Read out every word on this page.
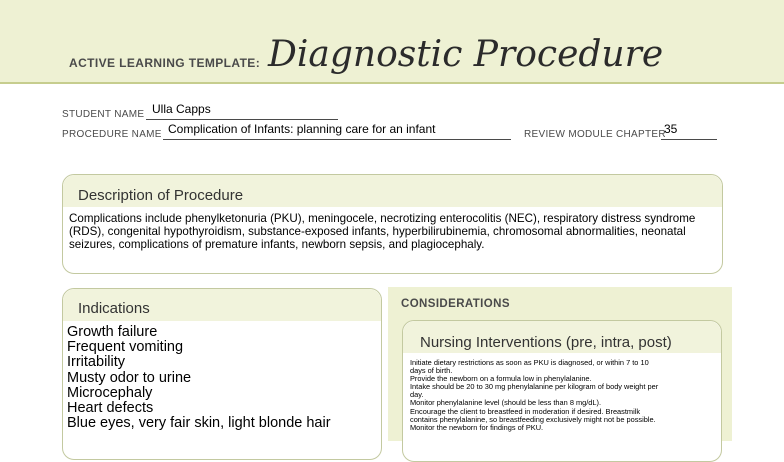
ACTIVE LEARNING TEMPLATE: Diagnostic Procedure
STUDENT NAME Ulla Capps
PROCEDURE NAME Complication of Infants: planning care for an infant	REVIEW MODULE CHAPTER
35
Description of Procedure
Complications include phenylketonuria (PKU), meningocele, necrotizing enterocolitis (NEC), respiratory distress syndrome (RDS), congenital hypothyroidism, substance-exposed infants, hyperbilirubinemia, chromosomal abnormalities, neonatal seizures, complications of premature infants, newborn sepsis, and plagiocephaly.
Indications
Growth failure
Frequent vomiting
Irritability
Musty odor to urine
Microcephaly
Heart defects
Blue eyes, very fair skin, light blonde hair
CONSIDERATIONS
Nursing Interventions (pre, intra, post)
Initiate dietary restrictions as soon as PKU is diagnosed, or within 7 to 10
days of birth.
Provide the newborn on a formula low in phenylalanine.
Intake should be 20 to 30 mg phenylalanine per kilogram of body weight per
day.
Monitor phenylalanine level (should be less than 8 mg/dL).
Encourage the client to breastfeed in moderation if desired. Breastmilk
contains phenylalanine, so breastfeeding exclusively might not be possible.
Monitor the newborn for findings of PKU.
